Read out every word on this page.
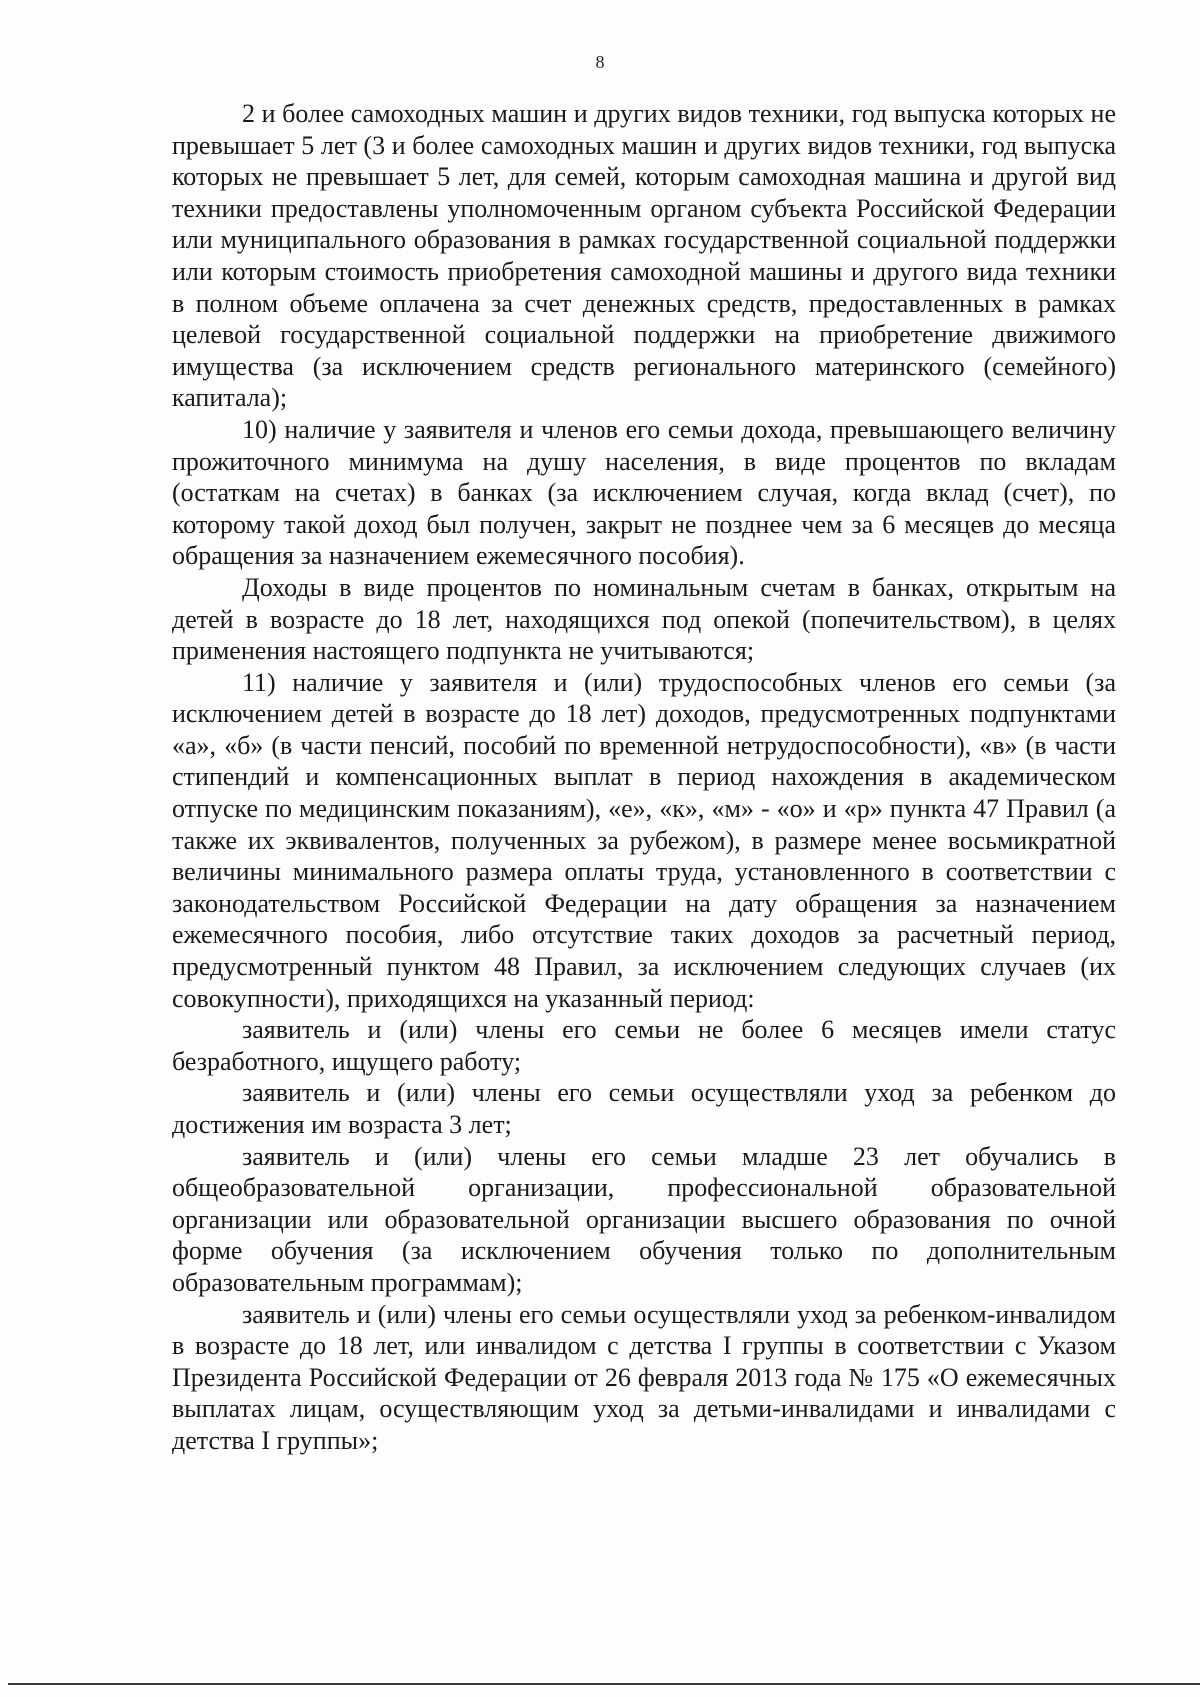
8

2 и более самоходных машин и других видов техники, год выпуска которых не превышает 5 лет (3 и более самоходных машин и других видов техники, год выпуска которых не превышает 5 лет, для семей, которым самоходная машина и другой вид техники предоставлены уполномоченным органом субъекта Российской Федерации или муниципального образования в рамках государственной социальной поддержки или которым стоимость приобретения самоходной машины и другого вида техники в полном объеме оплачена за счет денежных средств, предоставленных в рамках целевой государственной социальной поддержки на приобретение движимого имущества (за исключением средств регионального материнского (семейного) капитала);

10) наличие у заявителя и членов его семьи дохода, превышающего величину прожиточного минимума на душу населения, в виде процентов по вкладам (остаткам на счетах) в банках (за исключением случая, когда вклад (счет), по которому такой доход был получен, закрыт не позднее чем за 6 месяцев до месяца обращения за назначением ежемесячного пособия).

Доходы в виде процентов по номинальным счетам в банках, открытым на детей в возрасте до 18 лет, находящихся под опекой (попечительством), в целях применения настоящего подпункта не учитываются;

11) наличие у заявителя и (или) трудоспособных членов его семьи (за исключением детей в возрасте до 18 лет) доходов, предусмотренных подпунктами «а», «б» (в части пенсий, пособий по временной нетрудоспособности), «в» (в части стипендий и компенсационных выплат в период нахождения в академическом отпуске по медицинским показаниям), «е», «к», «м» - «о» и «р» пункта 47 Правил (а также их эквивалентов, полученных за рубежом), в размере менее восьмикратной величины минимального размера оплаты труда, установленного в соответствии с законодательством Российской Федерации на дату обращения за назначением ежемесячного пособия, либо отсутствие таких доходов за расчетный период, предусмотренный пунктом 48 Правил, за исключением следующих случаев (их совокупности), приходящихся на указанный период:

заявитель и (или) члены его семьи не более 6 месяцев имели статус безработного, ищущего работу;

заявитель и (или) члены его семьи осуществляли уход за ребенком до достижения им возраста 3 лет;

заявитель и (или) члены его семьи младше 23 лет обучались в общеобразовательной организации, профессиональной образовательной организации или образовательной организации высшего образования по очной форме обучения (за исключением обучения только по дополнительным образовательным программам);

заявитель и (или) члены его семьи осуществляли уход за ребенком-инвалидом в возрасте до 18 лет, или инвалидом с детства I группы в соответствии с Указом Президента Российской Федерации от 26 февраля 2013 года № 175 «О ежемесячных выплатах лицам, осуществляющим уход за детьми-инвалидами и инвалидами с детства I группы»;
